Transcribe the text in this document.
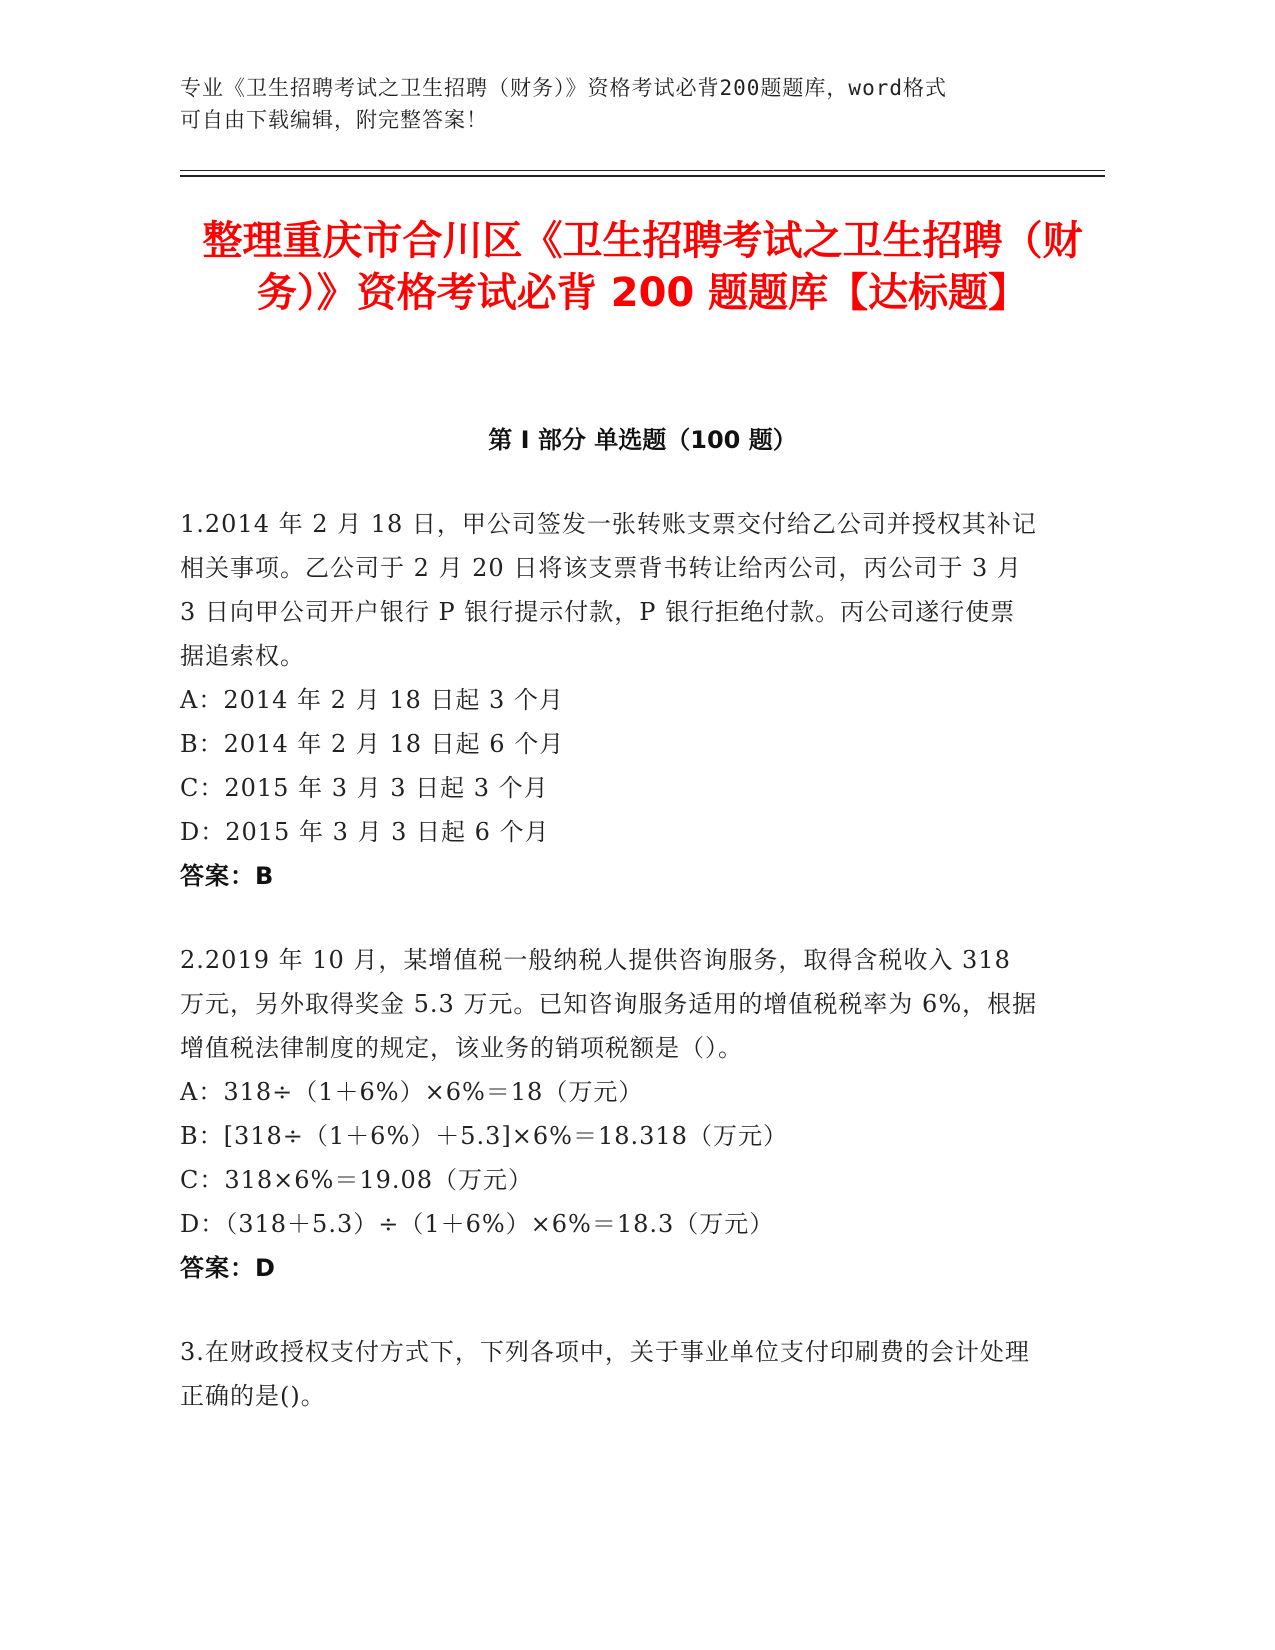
专业《卫生招聘考试之卫生招聘（财务）》资格考试必背200题题库，word格式
可自由下载编辑，附完整答案！
整理重庆市合川区《卫生招聘考试之卫生招聘（财务）》资格考试必背 200 题题库【达标题】
第 I 部分 单选题（100 题）

1.2014 年 2 月 18 日，甲公司签发一张转账支票交付给乙公司并授权其补记相关事项。乙公司于 2 月 20 日将该支票背书转让给丙公司，丙公司于 3 月 3 日向甲公司开户银行 P 银行提示付款，P 银行拒绝付款。丙公司遂行使票据追索权。

A：2014 年 2 月 18 日起 3 个月

B：2014 年 2 月 18 日起 6 个月

C：2015 年 3 月 3 日起 3 个月

D：2015 年 3 月 3 日起 6 个月

答案：B

2.2019 年 10 月，某增值税一般纳税人提供咨询服务，取得含税收入 318 万元，另外取得奖金 5.3 万元。已知咨询服务适用的增值税税率为 6%，根据增值税法律制度的规定，该业务的销项税额是（）。

A：318÷（1＋6%）×6%＝18（万元）

B：[318÷（1＋6%）＋5.3]×6%＝18.318（万元）

C：318×6%＝19.08（万元）

D：（318＋5.3）÷（1＋6%）×6%＝18.3（万元）

答案：D

3.在财政授权支付方式下，下列各项中，关于事业单位支付印刷费的会计处理正确的是()。
